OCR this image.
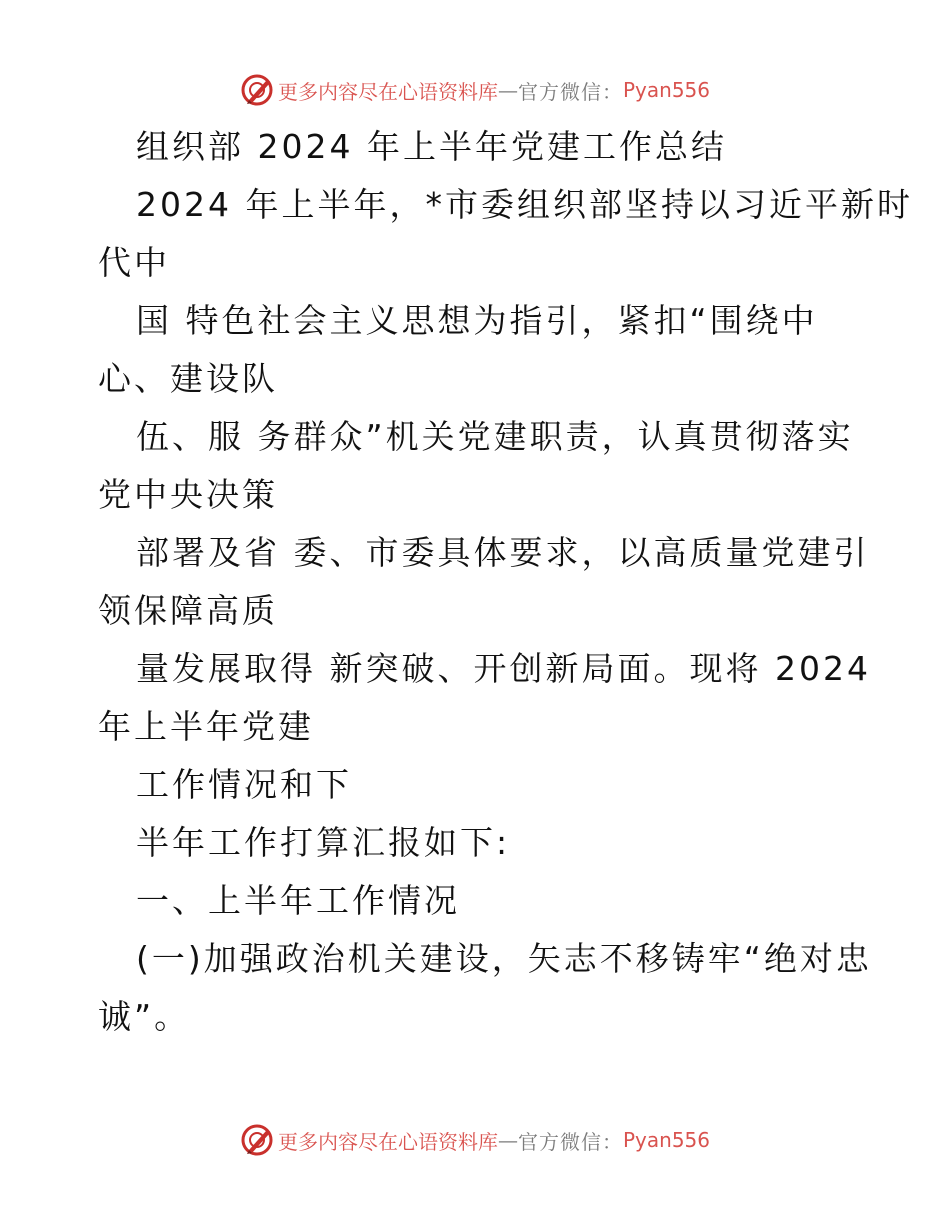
更多内容尽在心语资料库 — 官方微信： Pyan556
组织部 2024 年上半年党建工作总结
2024 年上半年，*市委组织部坚持以习近平新时
代中
国 特色社会主义思想为指引，紧扣“围绕中
心、建设队
伍、服 务群众”机关党建职责，认真贯彻落实
党中央决策
部署及省 委、市委具体要求，以高质量党建引
领保障高质
量发展取得 新突破、开创新局面。现将 2024
年上半年党建
工作情况和下
半年工作打算汇报如下:
一、上半年工作情况
(一)加强政治机关建设，矢志不移铸牢“绝对忠
诚”。
更多内容尽在心语资料库 — 官方微信： Pyan556
